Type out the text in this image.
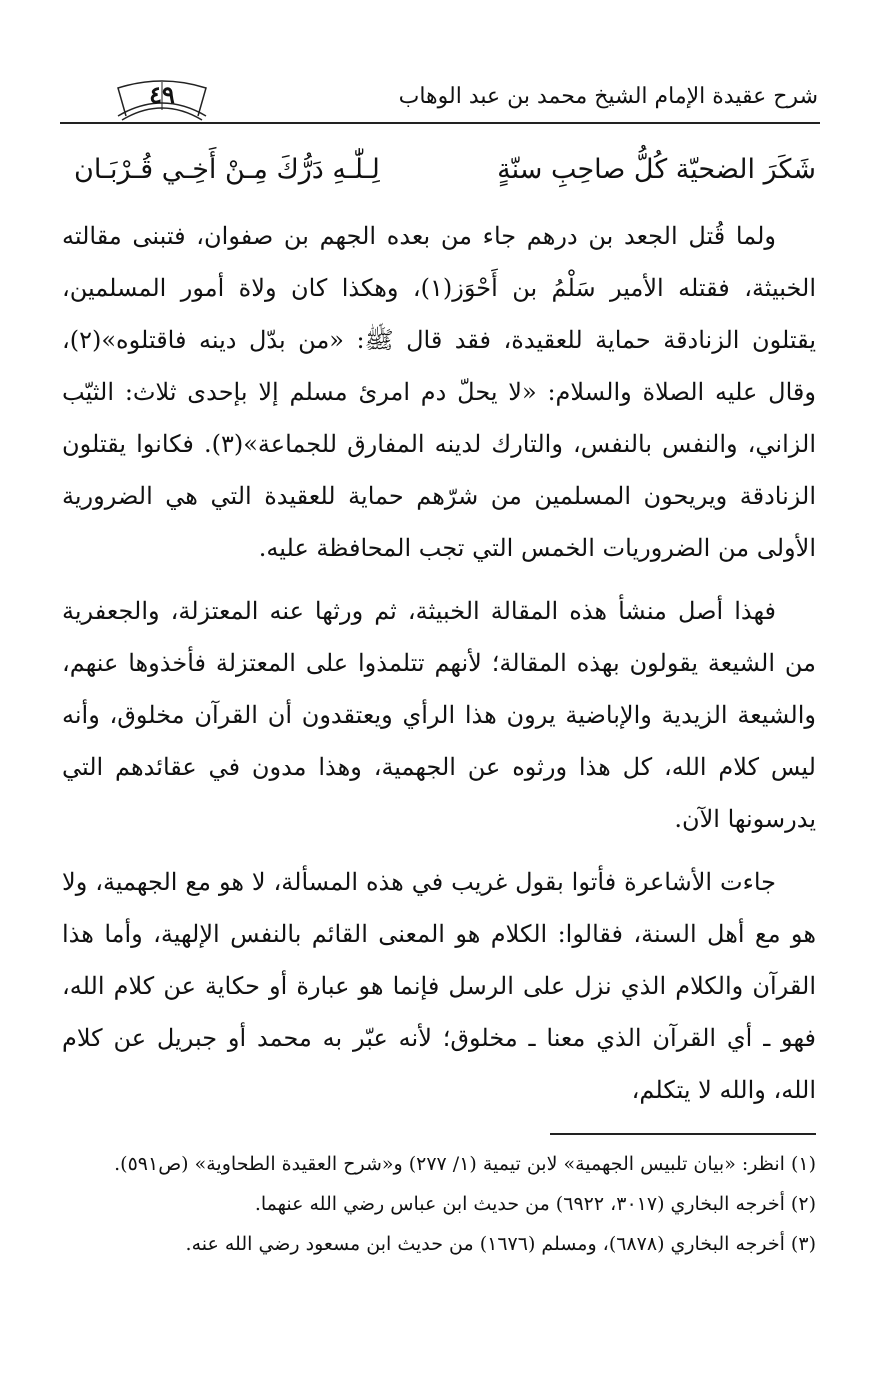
٤٩	شرح عقيدة الإمام الشيخ محمد بن عبد الوهاب
شَكَرَ الضحيّة كُلُّ صاحِبِ سنّةٍ
لِـلّٰـهِ دَرُّكَ مِـنْ أَخِـي قُـرْبَـان

ولما قُتل الجعد بن درهم جاء من بعده الجهم بن صفوان، فتبنى مقالته الخبيثة، فقتله الأمير سَلْمُ بن أَحْوَز(١)، وهكذا كان ولاة أمور المسلمين، يقتلون الزنادقة حماية للعقيدة، فقد قال ﷺ: «من بدّل دينه فاقتلوه»(٢)، وقال عليه الصلاة والسلام: «لا يحلّ دم امرئ مسلم إلا بإحدى ثلاث: الثيّب الزاني، والنفس بالنفس، والتارك لدينه المفارق للجماعة»(٣). فكانوا يقتلون الزنادقة ويريحون المسلمين من شرّهم حماية للعقيدة التي هي الضرورية الأولى من الضروريات الخمس التي تجب المحافظة عليه.

فهذا أصل منشأ هذه المقالة الخبيثة، ثم ورثها عنه المعتزلة، والجعفرية من الشيعة يقولون بهذه المقالة؛ لأنهم تتلمذوا على المعتزلة فأخذوها عنهم، والشيعة الزيدية والإباضية يرون هذا الرأي ويعتقدون أن القرآن مخلوق، وأنه ليس كلام الله، كل هذا ورثوه عن الجهمية، وهذا مدون في عقائدهم التي يدرسونها الآن.

جاءت الأشاعرة فأتوا بقول غريب في هذه المسألة، لا هو مع الجهمية، ولا هو مع أهل السنة، فقالوا: الكلام هو المعنى القائم بالنفس الإلهية، وأما هذا القرآن والكلام الذي نزل على الرسل فإنما هو عبارة أو حكاية عن كلام الله، فهو ـ أي القرآن الذي معنا ـ مخلوق؛ لأنه عبّر به محمد أو جبريل عن كلام الله، والله لا يتكلم،

(١) انظر: «بيان تلبيس الجهمية» لابن تيمية (١/ ٢٧٧) و«شرح العقيدة الطحاوية» (ص٥٩١).
(٢) أخرجه البخاري (٣٠١٧، ٦٩٢٢) من حديث ابن عباس رضي الله عنهما.
(٣) أخرجه البخاري (٦٨٧٨)، ومسلم (١٦٧٦) من حديث ابن مسعود رضي الله عنه.
